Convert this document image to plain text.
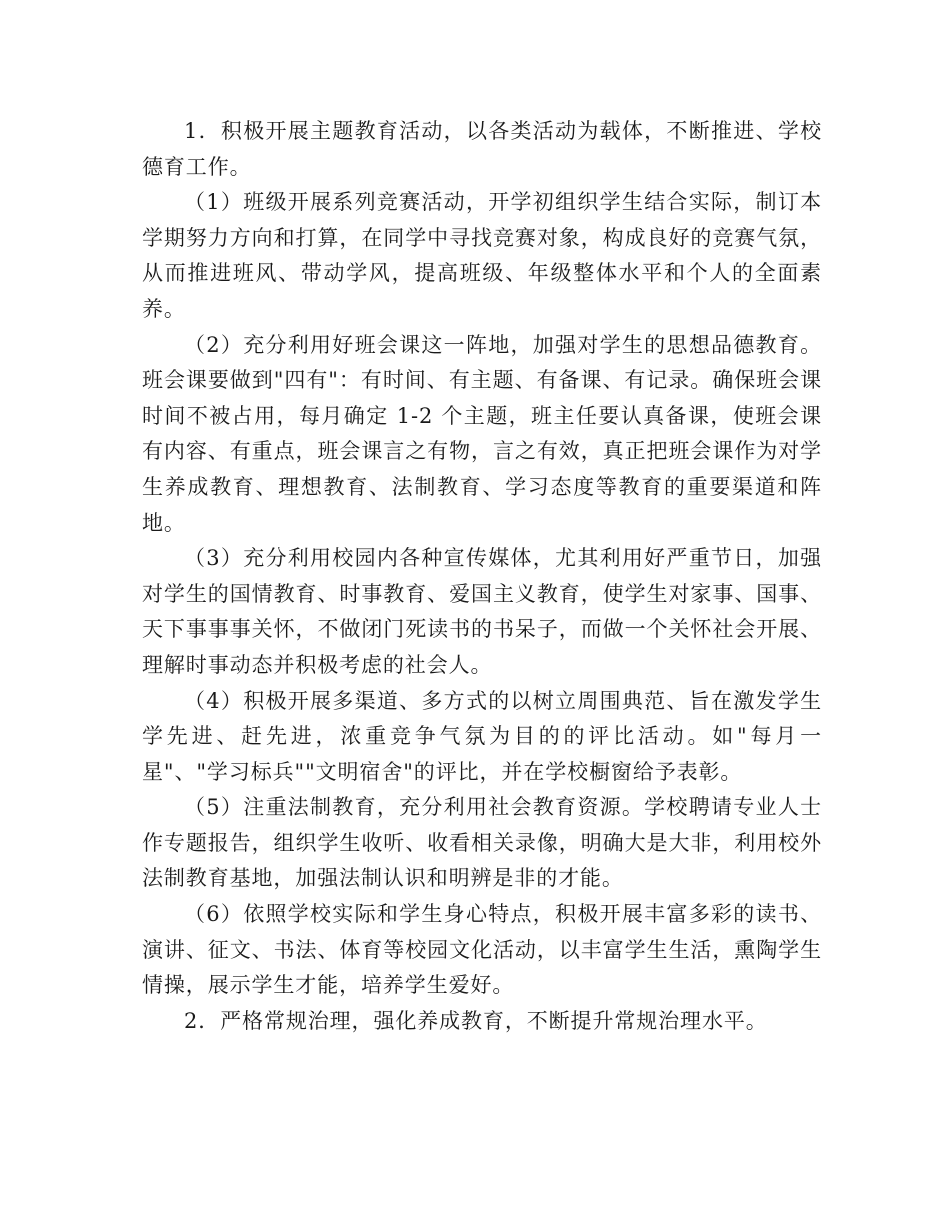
1．积极开展主题教育活动，以各类活动为载体，不断推进、学校德育工作。

（1）班级开展系列竞赛活动，开学初组织学生结合实际，制订本学期努力方向和打算，在同学中寻找竞赛对象，构成良好的竞赛气氛，从而推进班风、带动学风，提高班级、年级整体水平和个人的全面素养。

（2）充分利用好班会课这一阵地，加强对学生的思想品德教育。班会课要做到"四有"：有时间、有主题、有备课、有记录。确保班会课时间不被占用，每月确定 1-2 个主题，班主任要认真备课，使班会课有内容、有重点，班会课言之有物，言之有效，真正把班会课作为对学生养成教育、理想教育、法制教育、学习态度等教育的重要渠道和阵地。

（3）充分利用校园内各种宣传媒体，尤其利用好严重节日，加强对学生的国情教育、时事教育、爱国主义教育，使学生对家事、国事、天下事事事关怀，不做闭门死读书的书呆子，而做一个关怀社会开展、理解时事动态并积极考虑的社会人。

（4）积极开展多渠道、多方式的以树立周围典范、旨在激发学生学先进、赶先进，浓重竞争气氛为目的的评比活动。如"每月一星"、"学习标兵""文明宿舍"的评比，并在学校橱窗给予表彰。

（5）注重法制教育，充分利用社会教育资源。学校聘请专业人士作专题报告，组织学生收听、收看相关录像，明确大是大非，利用校外法制教育基地，加强法制认识和明辨是非的才能。

（6）依照学校实际和学生身心特点，积极开展丰富多彩的读书、演讲、征文、书法、体育等校园文化活动，以丰富学生生活，熏陶学生情操，展示学生才能，培养学生爱好。

2．严格常规治理，强化养成教育，不断提升常规治理水平。
